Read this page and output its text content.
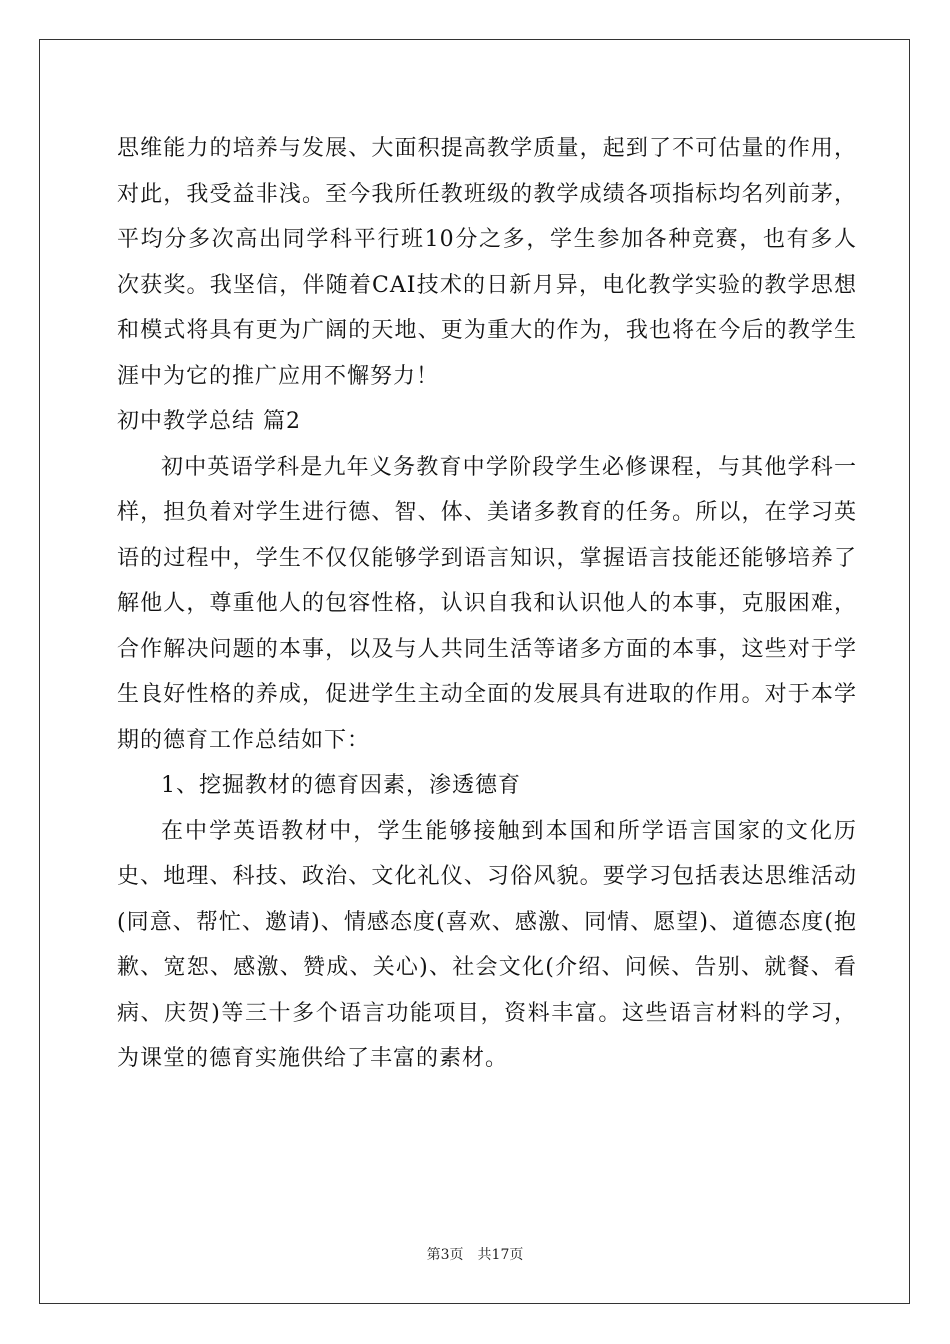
思维能力的培养与发展、大面积提高教学质量，起到了不可估量的作用，对此，我受益非浅。至今我所任教班级的教学成绩各项指标均名列前茅，平均分多次高出同学科平行班10分之多，学生参加各种竞赛，也有多人次获奖。我坚信，伴随着CAI技术的日新月异，电化教学实验的教学思想和模式将具有更为广阔的天地、更为重大的作为，我也将在今后的教学生涯中为它的推广应用不懈努力！

初中教学总结 篇2

初中英语学科是九年义务教育中学阶段学生必修课程，与其他学科一样，担负着对学生进行德、智、体、美诸多教育的任务。所以，在学习英语的过程中，学生不仅仅能够学到语言知识，掌握语言技能还能够培养了解他人，尊重他人的包容性格，认识自我和认识他人的本事，克服困难，合作解决问题的本事，以及与人共同生活等诸多方面的本事，这些对于学生良好性格的养成，促进学生主动全面的发展具有进取的作用。对于本学期的德育工作总结如下：

1、挖掘教材的德育因素，渗透德育

在中学英语教材中，学生能够接触到本国和所学语言国家的文化历史、地理、科技、政治、文化礼仪、习俗风貌。要学习包括表达思维活动(同意、帮忙、邀请)、情感态度(喜欢、感激、同情、愿望)、道德态度(抱歉、宽恕、感激、赞成、关心)、社会文化(介绍、问候、告别、就餐、看病、庆贺)等三十多个语言功能项目，资料丰富。这些语言材料的学习，为课堂的德育实施供给了丰富的素材。

第3页　共17页
